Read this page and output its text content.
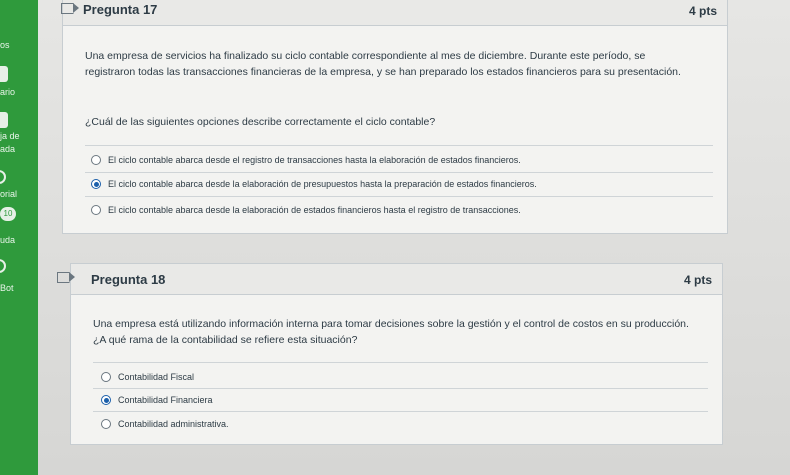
os
ario
ja de
ada
orial
10
uda
Bot
Pregunta 17	4 pts
Una empresa de servicios ha finalizado su ciclo contable correspondiente al mes de diciembre. Durante este período, se
registraron todas las transacciones financieras de la empresa, y se han preparado los estados financieros para su presentación.
¿Cuál de las siguientes opciones describe correctamente el ciclo contable?
El ciclo contable abarca desde el registro de transacciones hasta la elaboración de estados financieros.
El ciclo contable abarca desde la elaboración de presupuestos hasta la preparación de estados financieros.
El ciclo contable abarca desde la elaboración de estados financieros hasta el registro de transacciones.
Pregunta 18	4 pts
Una empresa está utilizando información interna para tomar decisiones sobre la gestión y el control de costos en su producción.
¿A qué rama de la contabilidad se refiere esta situación?
Contabilidad Fiscal
Contabilidad Financiera
Contabilidad administrativa.
